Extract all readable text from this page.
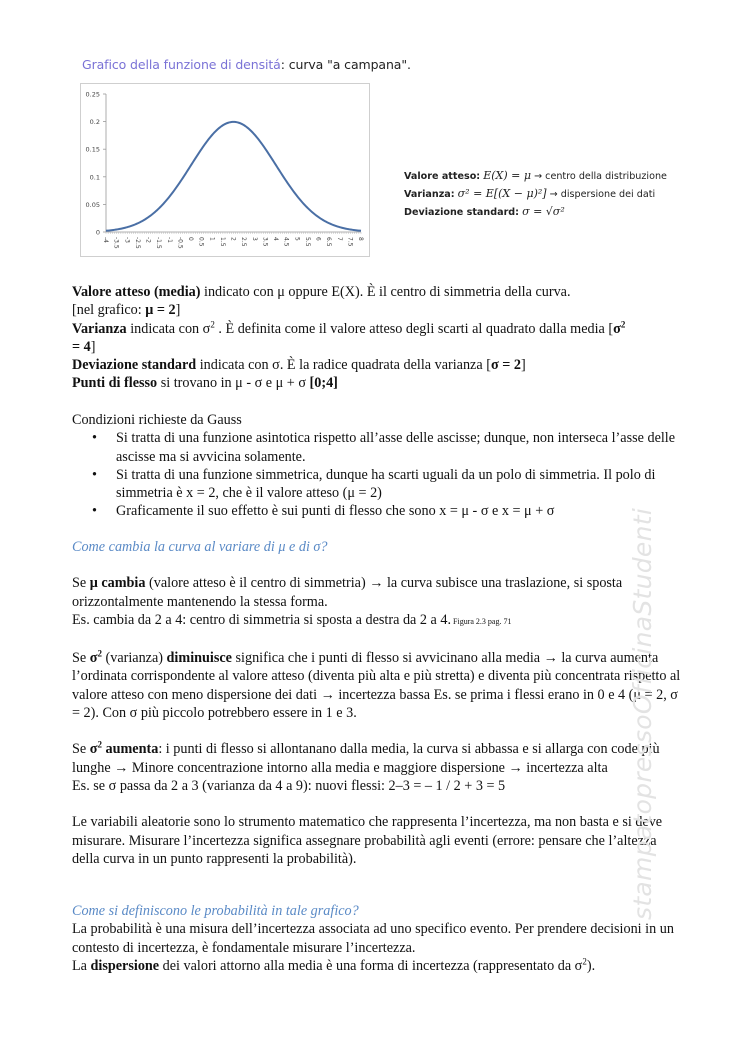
Grafico della funzione di densitá: curva "a campana".
0
0.05
0.1
0.15
0.2
0.25
-4 -3.5 -3 -2.5 -2 -1.5 -1 -0.5 0 0.5 1 1.5 2 2.5 3 3.5 4 4.5 5 5.5 6 6.5 7 7.5 8
Valore atteso: E(X) = μ → centro della distribuzione
Varianza: σ² = E[(X − μ)²] → dispersione dei dati
Deviazione standard: σ = √σ²

Valore atteso (media) indicato con μ oppure E(X). È il centro di simmetria della curva.

[nel grafico: μ = 2]

Varianza indicata con $\sigma^2$ . È definita come il valore atteso degli scarti al quadrato dalla media [$\sigma^2$
= 4]

Deviazione standard indicata con σ. È la radice quadrata della varianza [σ = 2]

Punti di flesso si trovano in μ - σ e μ + σ [0;4]

Condizioni richieste da Gauss

• Si tratta di una funzione asintotica rispetto all’asse delle ascisse; dunque, non interseca l’asse delle ascisse ma si avvicina solamente.
• Si tratta di una funzione simmetrica, dunque ha scarti uguali da un polo di simmetria. Il polo di simmetria è x = 2, che è il valore atteso (μ = 2)
• Graficamente il suo effetto è sui punti di flesso che sono x = μ - σ e x = μ + σ

Come cambia la curva al variare di μ e di σ?

Se μ cambia (valore atteso è il centro di simmetria) → la curva subisce una traslazione, si sposta orizzontalmente mantenendo la stessa forma.

Es. cambia da 2 a 4: centro di simmetria si sposta a destra da 2 a 4. Figura 2.3 pag. 71

Se $\sigma^2$ (varianza) diminuisce significa che i punti di flesso si avvicinano alla media → la curva aumenta l’ordinata corrispondente al valore atteso (diventa più alta e più stretta) e diventa più concentrata rispetto al valore atteso con meno dispersione dei dati → incertezza bassa Es. se prima i flessi erano in 0 e 4 (μ = 2, σ = 2). Con σ più piccolo potrebbero essere in 1 e 3.

Se $\sigma^2$ aumenta: i punti di flesso si allontanano dalla media, la curva si abbassa e si allarga con code più lunghe → Minore concentrazione intorno alla media e maggiore dispersione → incertezza alta

Es. se σ passa da 2 a 3 (varianza da 4 a 9): nuovi flessi: 2–3 = – 1 / 2 + 3 = 5

Le variabili aleatorie sono lo strumento matematico che rappresenta l’incertezza, ma non basta e si deve misurare. Misurare l’incertezza significa assegnare probabilità agli eventi (errore: pensare che l’altezza della curva in un punto rappresenti la probabilità).

Come si definiscono le probabilità in tale grafico?

La probabilità è una misura dell’incertezza associata ad uno specifico evento. Per prendere decisioni in un contesto di incertezza, è fondamentale misurare l’incertezza.

La dispersione dei valori attorno alla media è una forma di incertezza (rappresentato da $\sigma^2$).

stampatopressoOfficinaStudenti
